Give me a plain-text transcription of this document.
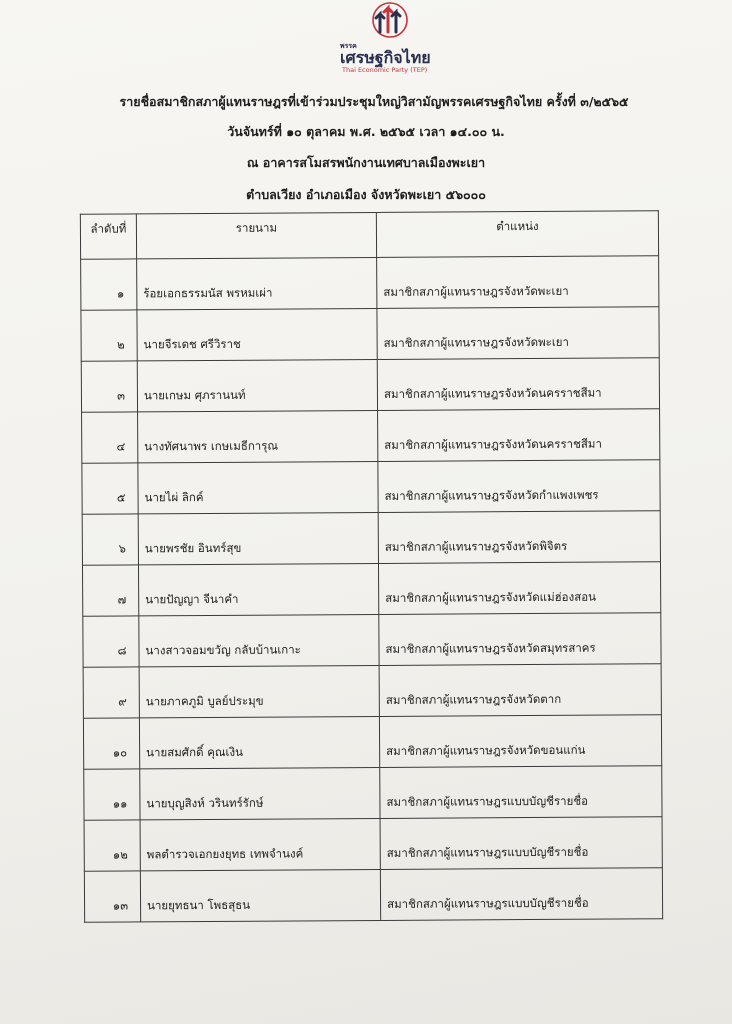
พรรค
เศรษฐกิจไทย
Thai Economic Party (TEP)
รายชื่อสมาชิกสภาผู้แทนราษฎรที่เข้าร่วมประชุมใหญ่วิสามัญพรรคเศรษฐกิจไทย ครั้งที่ ๓/๒๕๖๕
วันจันทร์ที่ ๑๐ ตุลาคม พ.ศ. ๒๕๖๕ เวลา ๑๔.๐๐ น.
ณ อาคารสโมสรพนักงานเทศบาลเมืองพะเยา
ตำบลเวียง อำเภอเมือง จังหวัดพะเยา ๕๖๐๐๐
ลำดับที่	รายนาม	ตำแหน่ง
๑	ร้อยเอกธรรมนัส พรหมเผ่า	สมาชิกสภาผู้แทนราษฎรจังหวัดพะเยา
๒	นายจีรเดช ศรีวิราช	สมาชิกสภาผู้แทนราษฎรจังหวัดพะเยา
๓	นายเกษม ศุภรานนท์	สมาชิกสภาผู้แทนราษฎรจังหวัดนครราชสีมา
๔	นางทัศนาพร เกษเมธีการุณ	สมาชิกสภาผู้แทนราษฎรจังหวัดนครราชสีมา
๕	นายไผ่ ลิกค์	สมาชิกสภาผู้แทนราษฎรจังหวัดกำแพงเพชร
๖	นายพรชัย อินทร์สุข	สมาชิกสภาผู้แทนราษฎรจังหวัดพิจิตร
๗	นายปัญญา จีนาคำ	สมาชิกสภาผู้แทนราษฎรจังหวัดแม่ฮ่องสอน
๘	นางสาวจอมขวัญ กลับบ้านเกาะ	สมาชิกสภาผู้แทนราษฎรจังหวัดสมุทรสาคร
๙	นายภาคภูมิ บูลย์ประมุข	สมาชิกสภาผู้แทนราษฎรจังหวัดตาก
๑๐	นายสมศักดิ์ คุณเงิน	สมาชิกสภาผู้แทนราษฎรจังหวัดขอนแก่น
๑๑	นายบุญสิงห์ วรินทร์รักษ์	สมาชิกสภาผู้แทนราษฎรแบบบัญชีรายชื่อ
๑๒	พลตำรวจเอกยงยุทธ เทพจำนงค์	สมาชิกสภาผู้แทนราษฎรแบบบัญชีรายชื่อ
๑๓	นายยุทธนา โพธสุธน	สมาชิกสภาผู้แทนราษฎรแบบบัญชีรายชื่อ
